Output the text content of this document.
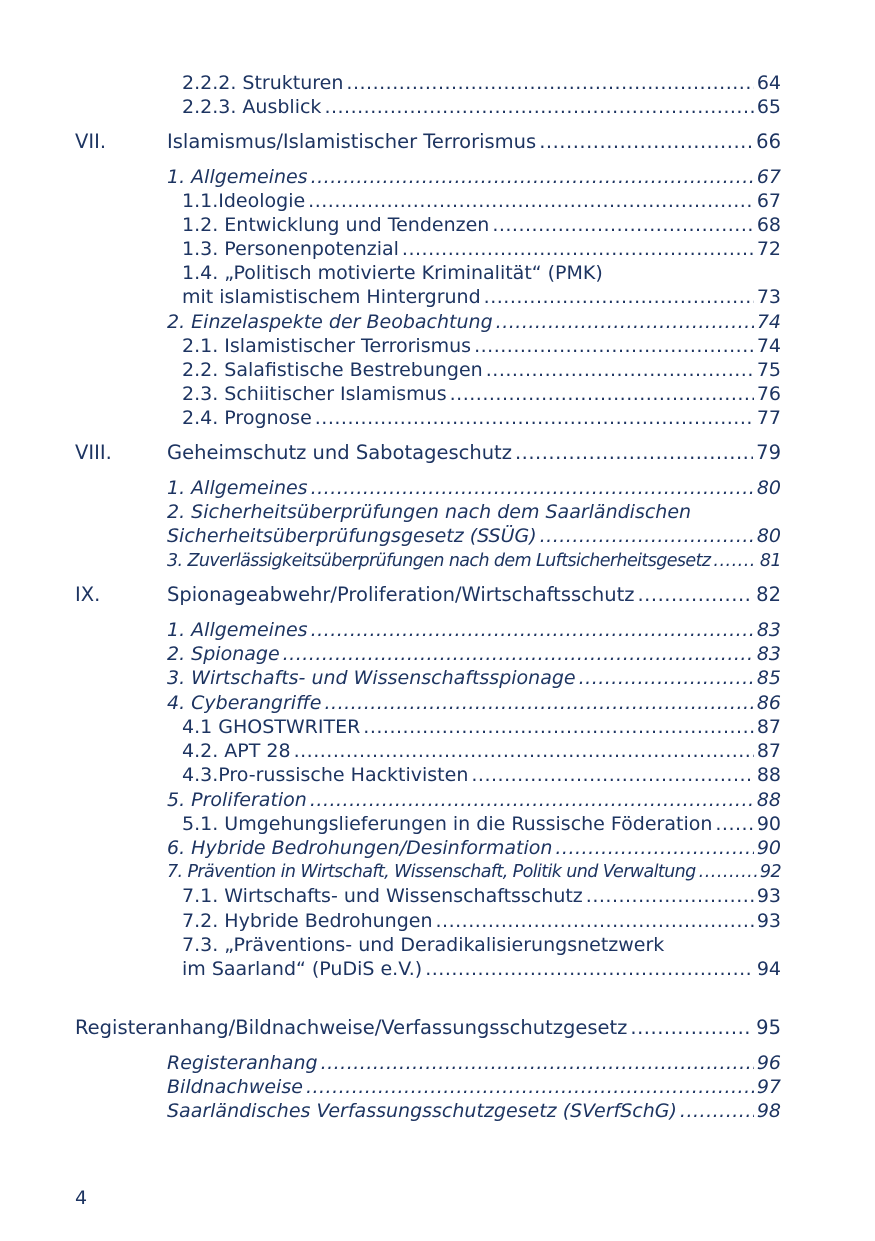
2.2.2. Strukturen .....	64
2.2.3. Ausblick .....	65
VII.	Islamismus/Islamistischer Terrorismus .....	66
1. Allgemeines .....	67
1.1.Ideologie .....	67
1.2. Entwicklung und Tendenzen .....	68
1.3. Personenpotenzial .....	72
1.4. „Politisch motivierte Kriminalität“ (PMK)
mit islamistischem Hintergrund .....	73
2. Einzelaspekte der Beobachtung .....	74
2.1. Islamistischer Terrorismus .....	74
2.2. Salafistische Bestrebungen .....	75
2.3. Schiitischer Islamismus .....	76
2.4. Prognose .....	77
VIII.	Geheimschutz und Sabotageschutz .....	79
1. Allgemeines .....	80
2. Sicherheitsüberprüfungen nach dem Saarländischen
Sicherheitsüberprüfungsgesetz (SSÜG) .....	80
3. Zuverlässigkeitsüberprüfungen nach dem Luftsicherheitsgesetz .....	81
IX.	Spionageabwehr/Proliferation/Wirtschaftsschutz .....	82
1. Allgemeines .....	83
2. Spionage .....	83
3. Wirtschafts- und Wissenschaftsspionage .....	85
4. Cyberangriffe .....	86
4.1 GHOSTWRITER .....	87
4.2. APT 28 .....	87
4.3.Pro-russische Hacktivisten .....	88
5. Proliferation .....	88
5.1. Umgehungslieferungen in die Russische Föderation ..... 90
6. Hybride Bedrohungen/Desinformation .....	90
7. Prävention in Wirtschaft, Wissenschaft, Politik und Verwaltung .....	92
7.1. Wirtschafts- und Wissenschaftsschutz .....	93
7.2. Hybride Bedrohungen .....	93
7.3. „Präventions- und Deradikalisierungsnetzwerk
im Saarland“ (PuDiS e.V.) .....	94
Registeranhang/Bildnachweise/Verfassungsschutzgesetz .....	95
Registeranhang .....	96
Bildnachweise .....	97
Saarländisches Verfassungsschutzgesetz (SVerfSchG) .....	98
4
